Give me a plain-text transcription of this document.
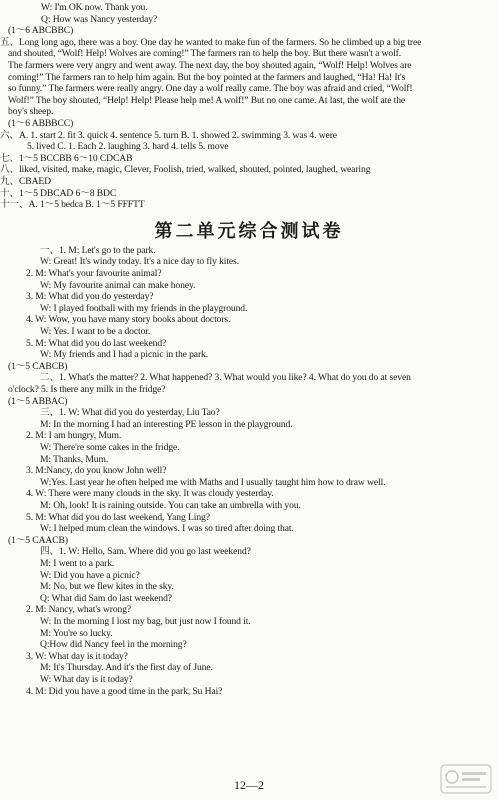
W: I'm OK now. Thank you.
Q: How was Nancy yesterday?
(1～6 ABCBBC)
五、Long long ago, there was a boy. One day he wanted to make fun of the farmers. So he climbed up a big tree
and shouted, “Wolf! Help! Wolves are coming!” The farmers ran to help the boy. But there wasn't a wolf.
The farmers were very angry and went away. The next day, the boy shouted again, “Wolf! Help! Wolves are
coming!” The farmers ran to help him again. But the boy pointed at the farmers and laughed, “Ha! Ha! It's
so funny.” The farmers were really angry. One day a wolf really came. The boy was afraid and cried, “Wolf!
Wolf!” The boy shouted, “Help! Help! Please help me! A wolf!” But no one came. At last, the wolf ate the
boy's sheep.
(1～6 ABBBCC)
六、A. 1. start 2. fit 3. quick 4. sentence 5. turn B. 1. showed 2. swimming 3. was 4. were
5. lived C. 1. Each 2. laughing 3. hard 4. tells 5. move
七、1～5 BCCBB 6～10 CDCAB
八、liked, visited, make, magic, Clever, Foolish, tried, walked, shouted, pointed, laughed, wearing
九、CBAED
十、1～5 DBCAD 6～8 BDC
十一、A. 1～5 bedca B. 1～5 FFFTT
第二单元综合测试卷
一、1. M: Let's go to the park.
W: Great! It's windy today. It's a nice day to fly kites.
2. M: What's your favourite animal?
W: My favourite animal can make honey.
3. M: What did you do yesterday?
W: I played football with my friends in the playground.
4. W: Wow, you have many story books about doctors.
W: Yes. I want to be a doctor.
5. M: What did you do last weekend?
W: My friends and I had a picnic in the park.
(1～5 CABCB)
二、1. What's the matter? 2. What happened? 3. What would you like? 4. What do you do at seven
o'clock? 5. Is there any milk in the fridge?
(1～5 ABBAC)
三、1. W: What did you do yesterday, Liu Tao?
M: In the morning I had an interesting PE lesson in the playground.
2. M: I am hungry, Mum.
W: There're some cakes in the fridge.
M: Thanks, Mum.
3. M:Nancy, do you know John well?
W:Yes. Last year he often helped me with Maths and I usually taught him how to draw well.
4. W: There were many clouds in the sky. It was cloudy yesterday.
M: Oh, look! It is raining outside. You can take an umbrella with you.
5. M: What did you do last weekend, Yang Ling?
W: I helped mum clean the windows. I was so tired after doing that.
(1～5 CAACB)
四、1. W: Hello, Sam. Where did you go last weekend?
M: I went to a park.
W: Did you have a picnic?
M: No, but we flew kites in the sky.
Q: What did Sam do last weekend?
2. M: Nancy, what's wrong?
W: In the morning I lost my bag, but just now I found it.
M: You're so lucky.
Q:How did Nancy feel in the morning?
3. W: What day is it today?
M: It's Thursday. And it's the first day of June.
W: What day is it today?
4. M: Did you have a good time in the park, Su Hai?
12—2
